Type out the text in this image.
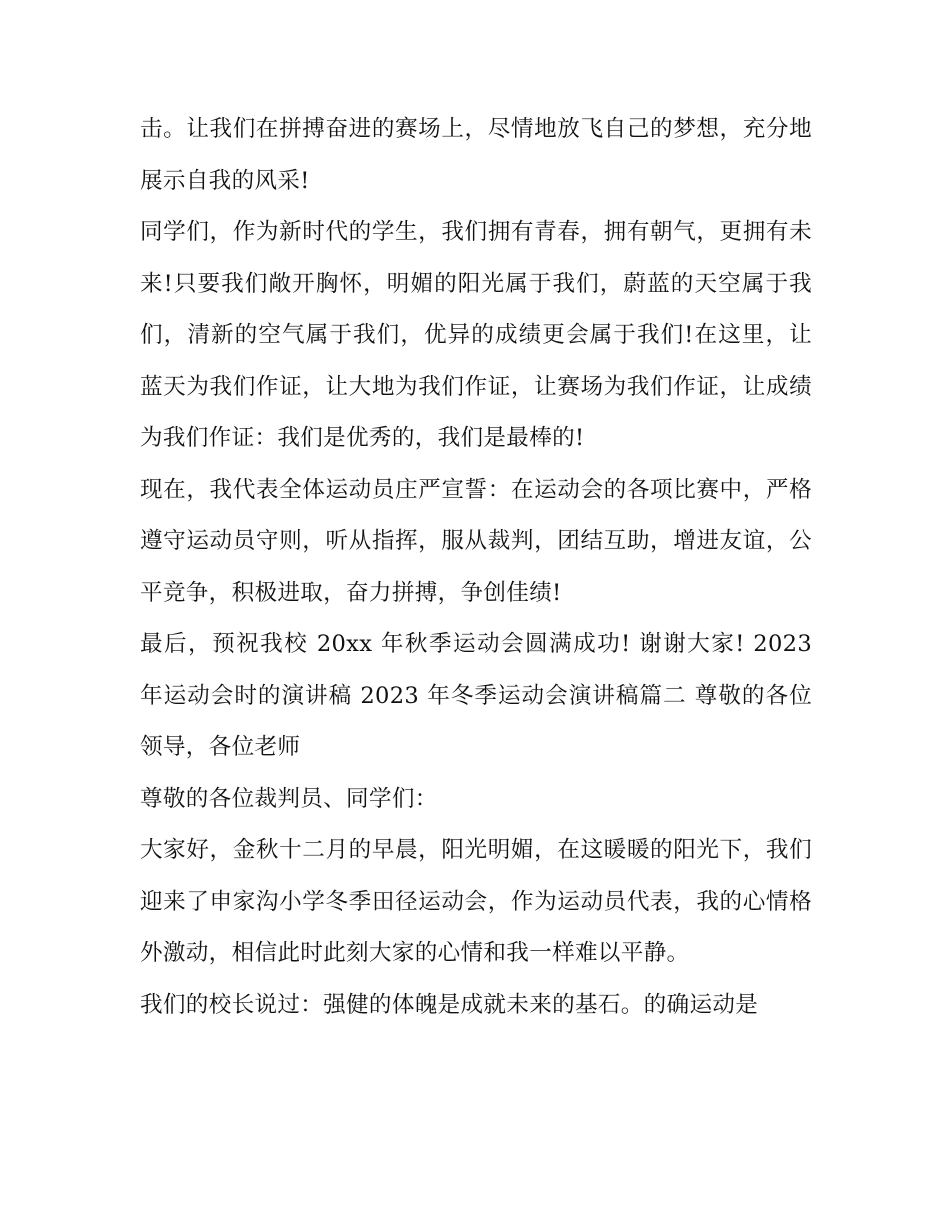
击。让我们在拼搏奋进的赛场上，尽情地放飞自己的梦想，充分地展示自我的风采!

同学们，作为新时代的学生，我们拥有青春，拥有朝气，更拥有未来!只要我们敞开胸怀，明媚的阳光属于我们，蔚蓝的天空属于我们，清新的空气属于我们，优异的成绩更会属于我们!在这里，让蓝天为我们作证，让大地为我们作证，让赛场为我们作证，让成绩为我们作证：我们是优秀的，我们是最棒的!

现在，我代表全体运动员庄严宣誓：在运动会的各项比赛中，严格遵守运动员守则，听从指挥，服从裁判，团结互助，增进友谊，公平竞争，积极进取，奋力拼搏，争创佳绩!

最后，预祝我校 20xx 年秋季运动会圆满成功! 谢谢大家! 2023 年运动会时的演讲稿 2023 年冬季运动会演讲稿篇二 尊敬的各位领导，各位老师

尊敬的各位裁判员、同学们：

大家好，金秋十二月的早晨，阳光明媚，在这暖暖的阳光下，我们迎来了申家沟小学冬季田径运动会，作为运动员代表，我的心情格外激动，相信此时此刻大家的心情和我一样难以平静。

我们的校长说过：强健的体魄是成就未来的基石。的确运动是
